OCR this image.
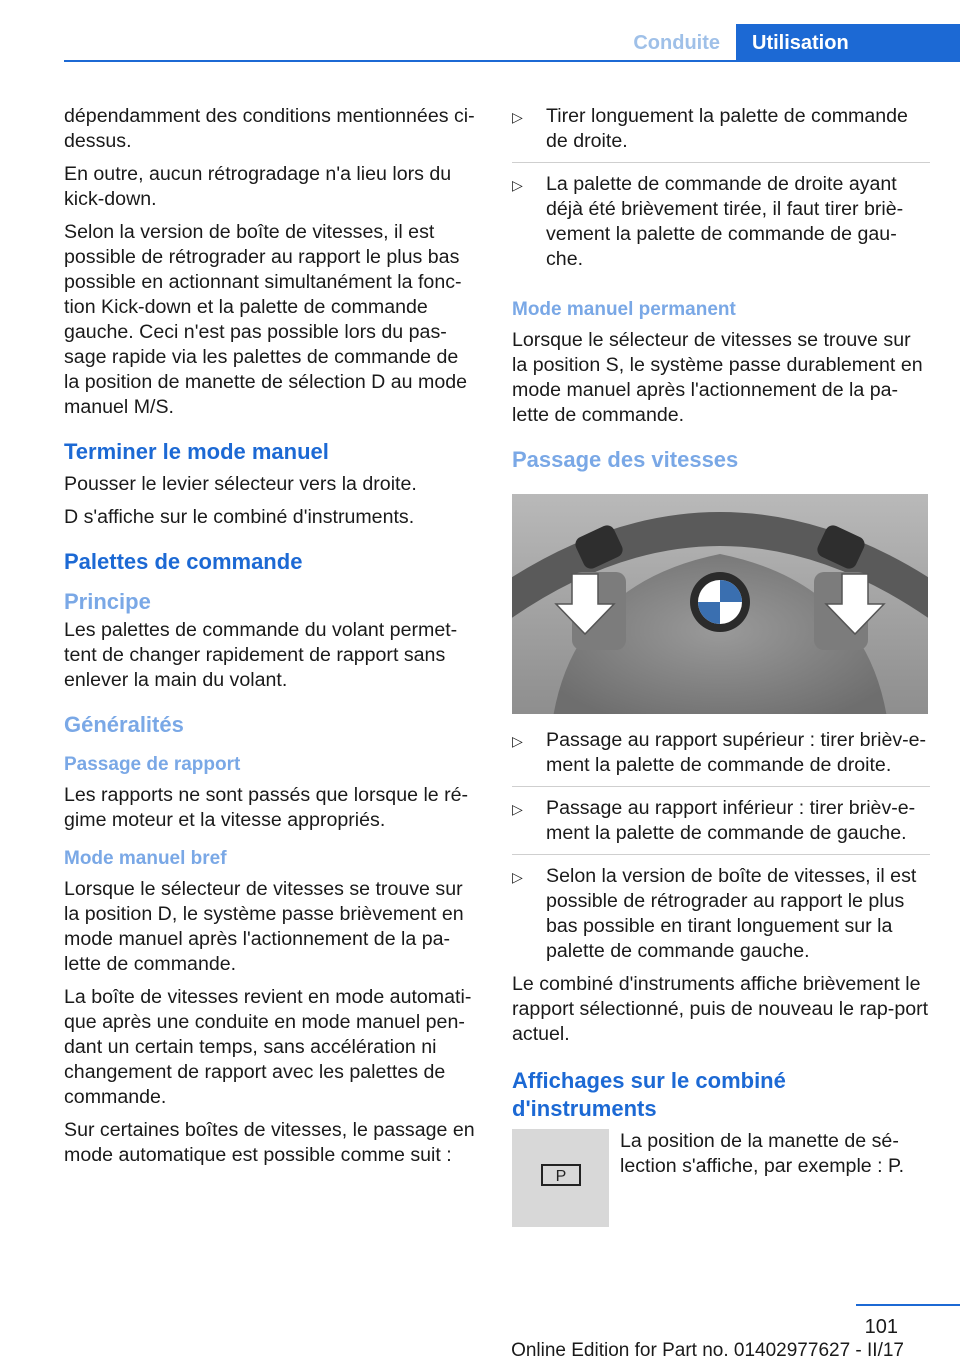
Conduite	Utilisation

dépendamment des conditions mentionnées ci-dessus.

En outre, aucun rétrogradage n'a lieu lors du kick-down.

Selon la version de boîte de vitesses, il est possible de rétrograder au rapport le plus bas possible en actionnant simultanément la fonc‐tion Kick-down et la palette de commande gauche. Ceci n'est pas possible lors du pas‐sage rapide via les palettes de commande de la position de manette de sélection D au mode manuel M/S.

Terminer le mode manuel

Pousser le levier sélecteur vers la droite.

D s'affiche sur le combiné d'instruments.

Palettes de commande
Principe

Les palettes de commande du volant permet‐tent de changer rapidement de rapport sans enlever la main du volant.

Généralités
Passage de rapport

Les rapports ne sont passés que lorsque le ré‐gime moteur et la vitesse appropriés.

Mode manuel bref

Lorsque le sélecteur de vitesses se trouve sur la position D, le système passe brièvement en mode manuel après l'actionnement de la pa‐lette de commande.

La boîte de vitesses revient en mode automati‐que après une conduite en mode manuel pen‐dant un certain temps, sans accélération ni changement de rapport avec les palettes de commande.

Sur certaines boîtes de vitesses, le passage en mode automatique est possible comme suit :

▷ Tirer longuement la palette de commande de droite.
▷ La palette de commande de droite ayant déjà été brièvement tirée, il faut tirer briè‐vement la palette de commande de gau‐che.
Mode manuel permanent

Lorsque le sélecteur de vitesses se trouve sur la position S, le système passe durablement en mode manuel après l'actionnement de la pa‐lette de commande.

Passage des vitesses
▷ Passage au rapport supérieur : tirer brièv‐e‐ment la palette de commande de droite.
▷ Passage au rapport inférieur : tirer brièv‐e‐ment la palette de commande de gauche.
▷ Selon la version de boîte de vitesses, il est possible de rétrograder au rapport le plus bas possible en tirant longuement sur la palette de commande gauche.

Le combiné d'instruments affiche brièvement le rapport sélectionné, puis de nouveau le rap‐port actuel.

Affichages sur le combiné d'instruments
P

La position de la manette de sé‐lection s'affiche, par exemple : P.

101
Online Edition for Part no. 01402977627 - II/17
